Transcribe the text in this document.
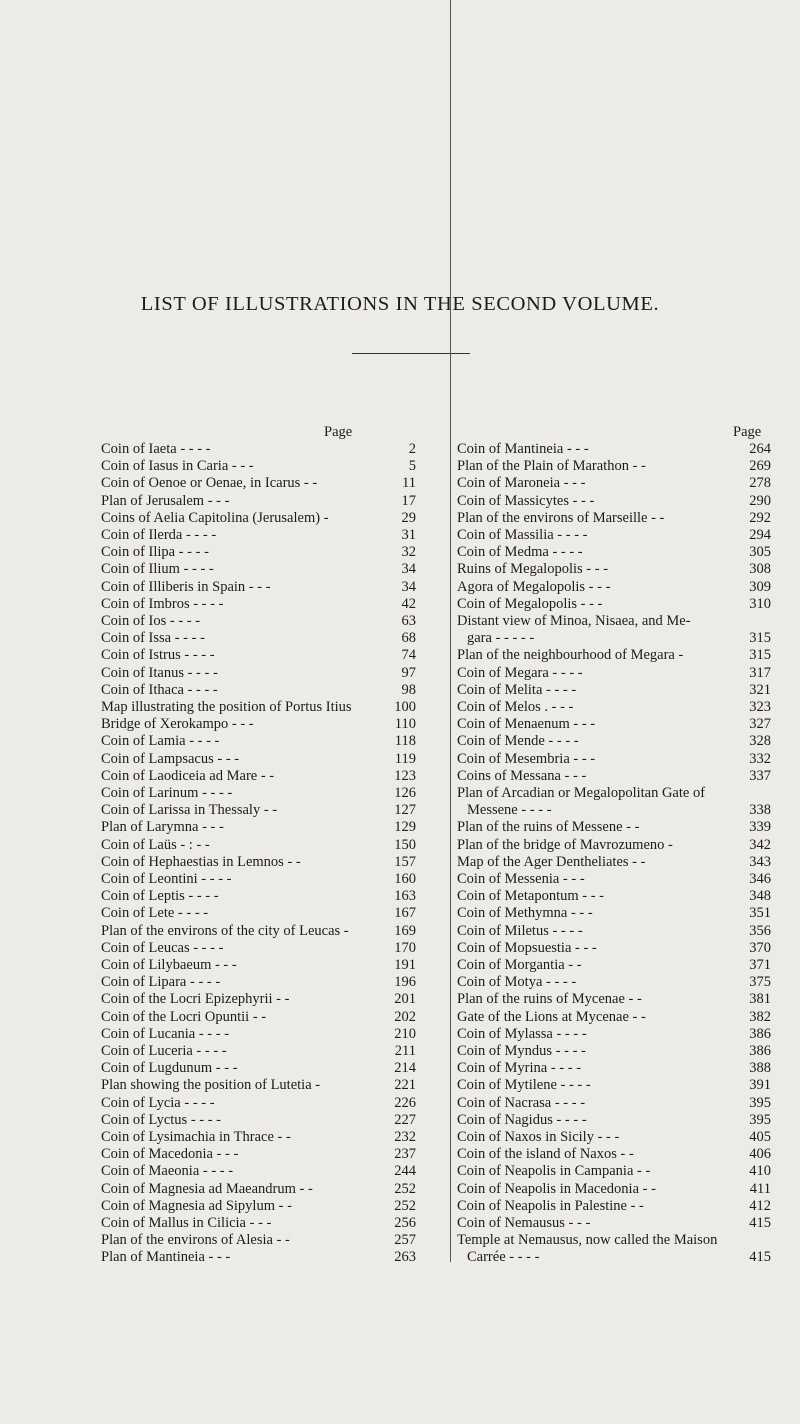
LIST OF ILLUSTRATIONS IN THE SECOND VOLUME.
Page	Page
Coin of Iaeta - - - -	2
Coin of Iasus in Caria - - -	5
Coin of Oenoe or Oenae, in Icarus - -	11
Plan of Jerusalem - - -	17
Coins of Aelia Capitolina (Jerusalem) -	29
Coin of Ilerda - - - -	31
Coin of Ilipa - - - -	32
Coin of Ilium - - - -	34
Coin of Illiberis in Spain - - -	34
Coin of Imbros - - - -	42
Coin of Ios - - - -	63
Coin of Issa - - - -	68
Coin of Istrus - - - -	74
Coin of Itanus - - - -	97
Coin of Ithaca - - - -	98
Map illustrating the position of Portus Itius	100
Bridge of Xerokampo - - -	110
Coin of Lamia - - - -	118
Coin of Lampsacus - - -	119
Coin of Laodiceia ad Mare - -	123
Coin of Larinum - - - -	126
Coin of Larissa in Thessaly - -	127
Plan of Larymna - - -	129
Coin of Laüs - : - -	150
Coin of Hephaestias in Lemnos - -	157
Coin of Leontini - - - -	160
Coin of Leptis - - - -	163
Coin of Lete - - - -	167
Plan of the environs of the city of Leucas -	169
Coin of Leucas - - - -	170
Coin of Lilybaeum - - -	191
Coin of Lipara - - - -	196
Coin of the Locri Epizephyrii - -	201
Coin of the Locri Opuntii - -	202
Coin of Lucania - - - -	210
Coin of Luceria - - - -	211
Coin of Lugdunum - - -	214
Plan showing the position of Lutetia -	221
Coin of Lycia - - - -	226
Coin of Lyctus - - - -	227
Coin of Lysimachia in Thrace - -	232
Coin of Macedonia - - -	237
Coin of Maeonia - - - -	244
Coin of Magnesia ad Maeandrum - -	252
Coin of Magnesia ad Sipylum - -	252
Coin of Mallus in Cilicia - - -	256
Plan of the environs of Alesia - -	257
Plan of Mantineia - - -	263
Coin of Mantineia - - -	264
Plan of the Plain of Marathon - -	269
Coin of Maroneia - - -	278
Coin of Massicytes - - -	290
Plan of the environs of Marseille - -	292
Coin of Massilia - - - -	294
Coin of Medma - - - -	305
Ruins of Megalopolis - - -	308
Agora of Megalopolis - - -	309
Coin of Megalopolis - - -	310
Distant view of Minoa, Nisaea, and Me-
gara - - - - -	315
Plan of the neighbourhood of Megara -	315
Coin of Megara - - - -	317
Coin of Melita - - - -	321
Coin of Melos . - - -	323
Coin of Menaenum - - -	327
Coin of Mende - - - -	328
Coin of Mesembria - - -	332
Coins of Messana - - -	337
Plan of Arcadian or Megalopolitan Gate of
Messene - - - -	338
Plan of the ruins of Messene - -	339
Plan of the bridge of Mavrozumeno -	342
Map of the Ager Dentheliates - -	343
Coin of Messenia - - -	346
Coin of Metapontum - - -	348
Coin of Methymna - - -	351
Coin of Miletus - - - -	356
Coin of Mopsuestia - - -	370
Coin of Morgantia - -	371
Coin of Motya - - - -	375
Plan of the ruins of Mycenae - -	381
Gate of the Lions at Mycenae - -	382
Coin of Mylassa - - - -	386
Coin of Myndus - - - -	386
Coin of Myrina - - - -	388
Coin of Mytilene - - - -	391
Coin of Nacrasa - - - -	395
Coin of Nagidus - - - -	395
Coin of Naxos in Sicily - - -	405
Coin of the island of Naxos - -	406
Coin of Neapolis in Campania - -	410
Coin of Neapolis in Macedonia - -	411
Coin of Neapolis in Palestine - -	412
Coin of Nemausus - - -	415
Temple at Nemausus, now called the Maison
Carrée - - - -	415
